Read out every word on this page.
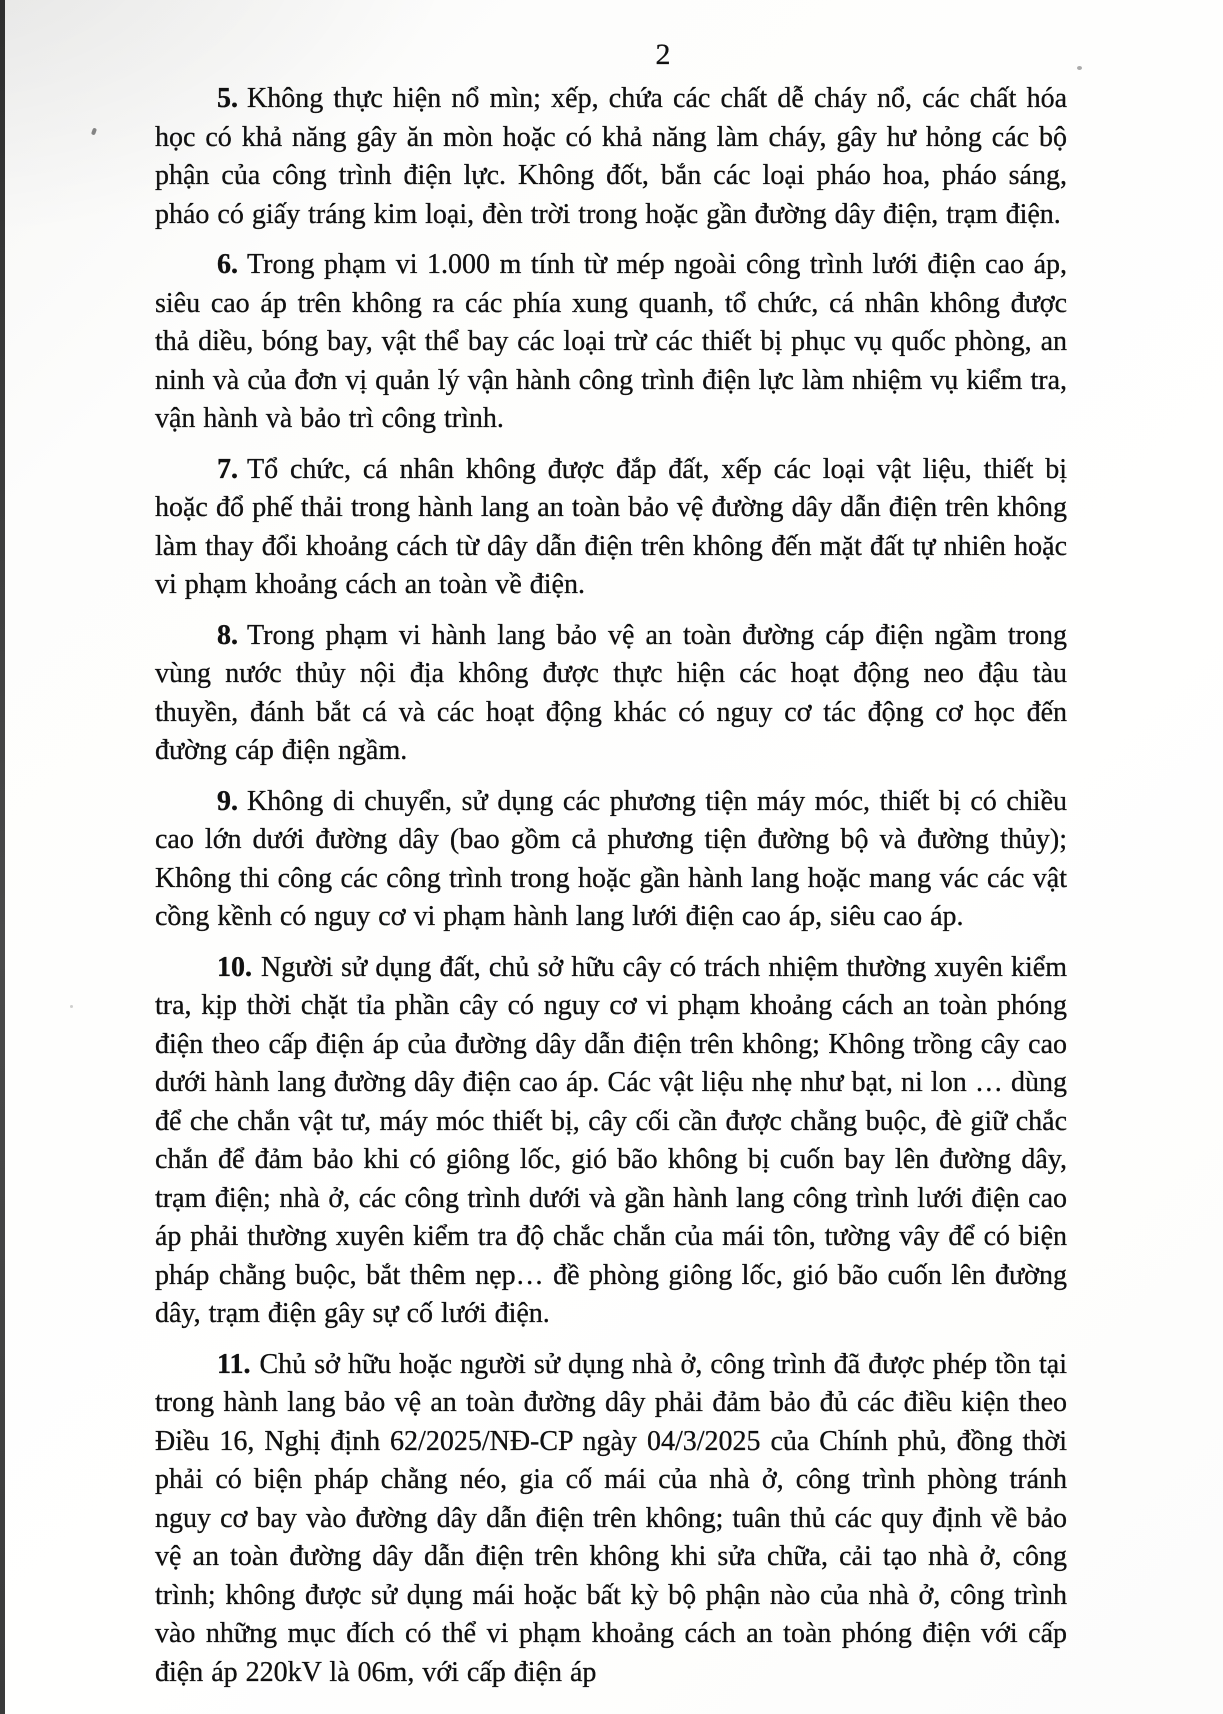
2

5. Không thực hiện nổ mìn; xếp, chứa các chất dễ cháy nổ, các chất hóa học có khả năng gây ăn mòn hoặc có khả năng làm cháy, gây hư hỏng các bộ phận của công trình điện lực. Không đốt, bắn các loại pháo hoa, pháo sáng, pháo có giấy tráng kim loại, đèn trời trong hoặc gần đường dây điện, trạm điện.

6. Trong phạm vi 1.000 m tính từ mép ngoài công trình lưới điện cao áp, siêu cao áp trên không ra các phía xung quanh, tổ chức, cá nhân không được thả diều, bóng bay, vật thể bay các loại trừ các thiết bị phục vụ quốc phòng, an ninh và của đơn vị quản lý vận hành công trình điện lực làm nhiệm vụ kiểm tra, vận hành và bảo trì công trình.

7. Tổ chức, cá nhân không được đắp đất, xếp các loại vật liệu, thiết bị hoặc đổ phế thải trong hành lang an toàn bảo vệ đường dây dẫn điện trên không làm thay đổi khoảng cách từ dây dẫn điện trên không đến mặt đất tự nhiên hoặc vi phạm khoảng cách an toàn về điện.

8. Trong phạm vi hành lang bảo vệ an toàn đường cáp điện ngầm trong vùng nước thủy nội địa không được thực hiện các hoạt động neo đậu tàu thuyền, đánh bắt cá và các hoạt động khác có nguy cơ tác động cơ học đến đường cáp điện ngầm.

9. Không di chuyển, sử dụng các phương tiện máy móc, thiết bị có chiều cao lớn dưới đường dây (bao gồm cả phương tiện đường bộ và đường thủy); Không thi công các công trình trong hoặc gần hành lang hoặc mang vác các vật cồng kềnh có nguy cơ vi phạm hành lang lưới điện cao áp, siêu cao áp.

10. Người sử dụng đất, chủ sở hữu cây có trách nhiệm thường xuyên kiểm tra, kịp thời chặt tỉa phần cây có nguy cơ vi phạm khoảng cách an toàn phóng điện theo cấp điện áp của đường dây dẫn điện trên không; Không trồng cây cao dưới hành lang đường dây điện cao áp. Các vật liệu nhẹ như bạt, ni lon … dùng để che chắn vật tư, máy móc thiết bị, cây cối cần được chằng buộc, đè giữ chắc chắn để đảm bảo khi có giông lốc, gió bão không bị cuốn bay lên đường dây, trạm điện; nhà ở, các công trình dưới và gần hành lang công trình lưới điện cao áp phải thường xuyên kiểm tra độ chắc chắn của mái tôn, tường vây để có biện pháp chằng buộc, bắt thêm nẹp… đề phòng giông lốc, gió bão cuốn lên đường dây, trạm điện gây sự cố lưới điện.

11. Chủ sở hữu hoặc người sử dụng nhà ở, công trình đã được phép tồn tại trong hành lang bảo vệ an toàn đường dây phải đảm bảo đủ các điều kiện theo Điều 16, Nghị định 62/2025/NĐ-CP ngày 04/3/2025 của Chính phủ, đồng thời phải có biện pháp chằng néo, gia cố mái của nhà ở, công trình phòng tránh nguy cơ bay vào đường dây dẫn điện trên không; tuân thủ các quy định về bảo vệ an toàn đường dây dẫn điện trên không khi sửa chữa, cải tạo nhà ở, công trình; không được sử dụng mái hoặc bất kỳ bộ phận nào của nhà ở, công trình vào những mục đích có thể vi phạm khoảng cách an toàn phóng điện với cấp điện áp 220kV là 06m, với cấp điện áp
